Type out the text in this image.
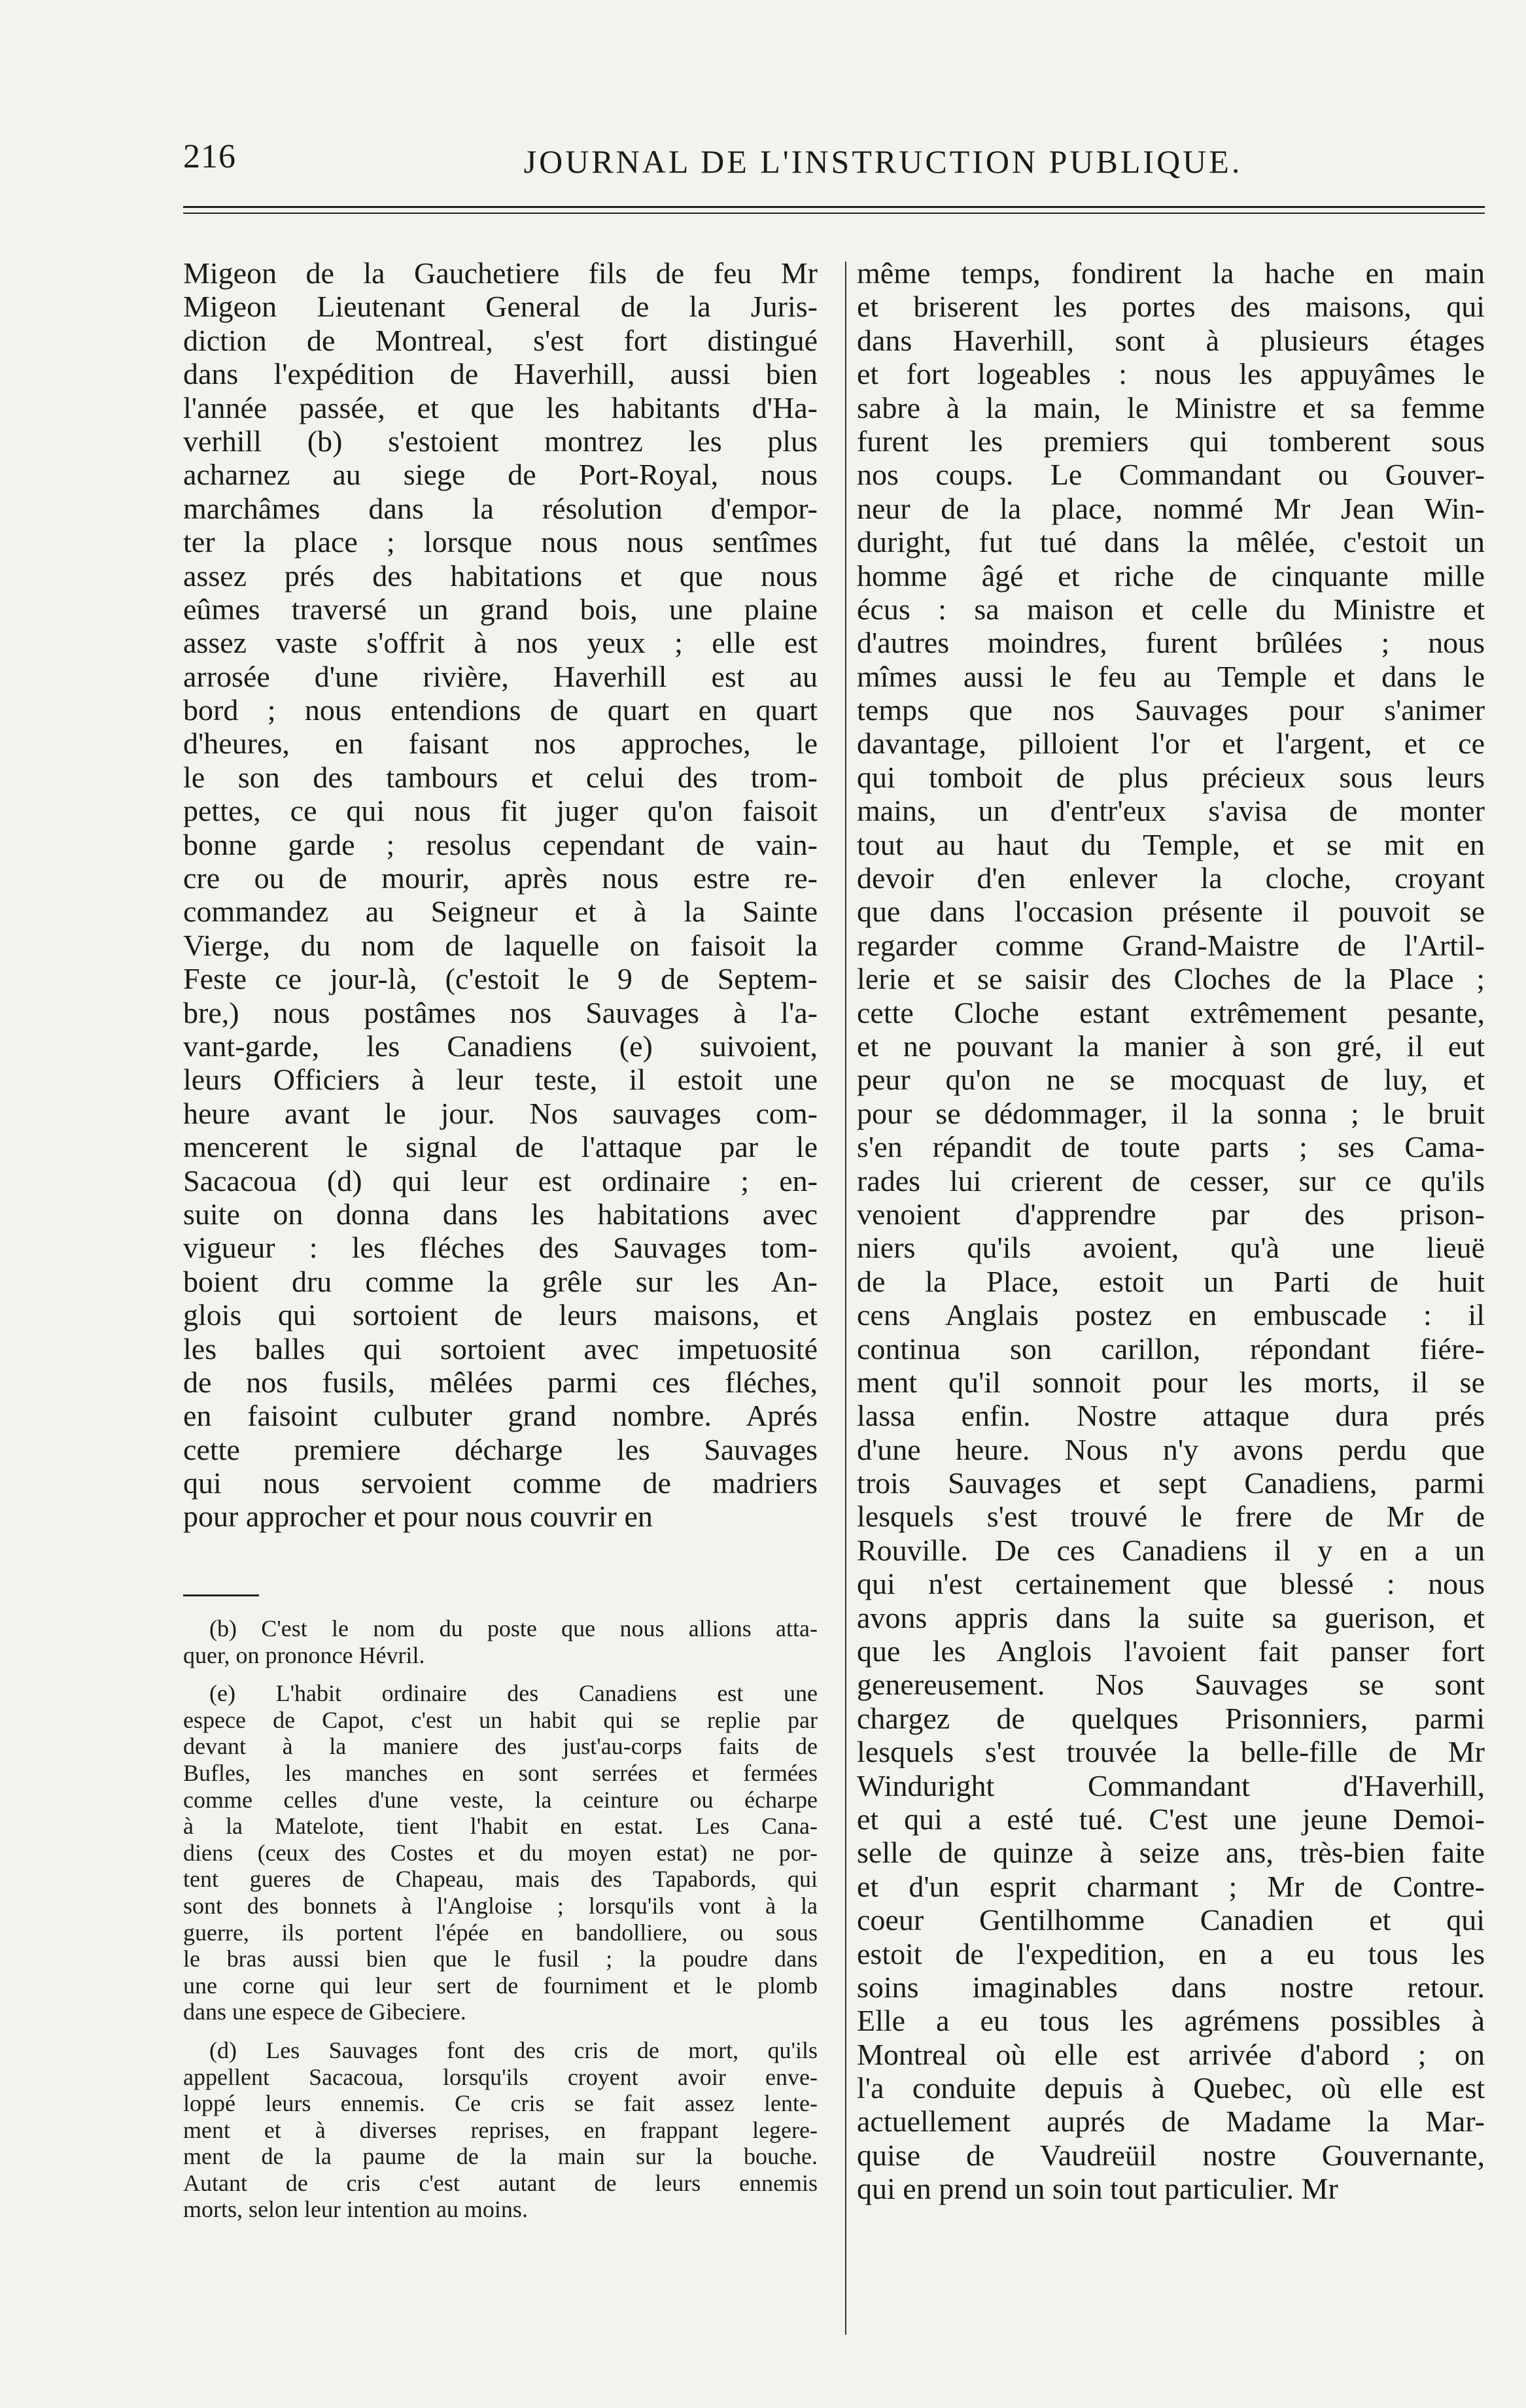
216	JOURNAL DE L'INSTRUCTION PUBLIQUE.
Migeon de la Gauchetiere fils de feu Mr
Migeon Lieutenant General de la Juris-
diction de Montreal, s'est fort distingué
dans l'expédition de Haverhill, aussi bien
l'année passée, et que les habitants d'Ha-
verhill (b) s'estoient montrez les plus
acharnez au siege de Port-Royal, nous
marchâmes dans la résolution d'empor-
ter la place ; lorsque nous nous sentîmes
assez prés des habitations et que nous
eûmes traversé un grand bois, une plaine
assez vaste s'offrit à nos yeux ; elle est
arrosée d'une rivière, Haverhill est au
bord ; nous entendions de quart en quart
d'heures, en faisant nos approches, le
le son des tambours et celui des trom-
pettes, ce qui nous fit juger qu'on faisoit
bonne garde ; resolus cependant de vain-
cre ou de mourir, après nous estre re-
commandez au Seigneur et à la Sainte
Vierge, du nom de laquelle on faisoit la
Feste ce jour-là, (c'estoit le 9 de Septem-
bre,) nous postâmes nos Sauvages à l'a-
vant-garde, les Canadiens (e) suivoient,
leurs Officiers à leur teste, il estoit une
heure avant le jour. Nos sauvages com-
mencerent le signal de l'attaque par le
Sacacoua (d) qui leur est ordinaire ; en-
suite on donna dans les habitations avec
vigueur : les fléches des Sauvages tom-
boient dru comme la grêle sur les An-
glois qui sortoient de leurs maisons, et
les balles qui sortoient avec impetuosité
de nos fusils, mêlées parmi ces fléches,
en faisoint culbuter grand nombre. Aprés
cette premiere décharge les Sauvages
qui nous servoient comme de madriers
pour approcher et pour nous couvrir en
même temps, fondirent la hache en main
et briserent les portes des maisons, qui
dans Haverhill, sont à plusieurs étages
et fort logeables : nous les appuyâmes le
sabre à la main, le Ministre et sa femme
furent les premiers qui tomberent sous
nos coups. Le Commandant ou Gouver-
neur de la place, nommé Mr Jean Win-
duright, fut tué dans la mêlée, c'estoit un
homme âgé et riche de cinquante mille
écus : sa maison et celle du Ministre et
d'autres moindres, furent brûlées ; nous
mîmes aussi le feu au Temple et dans le
temps que nos Sauvages pour s'animer
davantage, pilloient l'or et l'argent, et ce
qui tomboit de plus précieux sous leurs
mains, un d'entr'eux s'avisa de monter
tout au haut du Temple, et se mit en
devoir d'en enlever la cloche, croyant
que dans l'occasion présente il pouvoit se
regarder comme Grand-Maistre de l'Artil-
lerie et se saisir des Cloches de la Place ;
cette Cloche estant extrêmement pesante,
et ne pouvant la manier à son gré, il eut
peur qu'on ne se mocquast de luy, et
pour se dédommager, il la sonna ; le bruit
s'en répandit de toute parts ; ses Cama-
rades lui crierent de cesser, sur ce qu'ils
venoient d'apprendre par des prison-
niers qu'ils avoient, qu'à une lieuë
de la Place, estoit un Parti de huit
cens Anglais postez en embuscade : il
continua son carillon, répondant fiére-
ment qu'il sonnoit pour les morts, il se
lassa enfin. Nostre attaque dura prés
d'une heure. Nous n'y avons perdu que
trois Sauvages et sept Canadiens, parmi
lesquels s'est trouvé le frere de Mr de
Rouville. De ces Canadiens il y en a un
qui n'est certainement que blessé : nous
avons appris dans la suite sa guerison, et
que les Anglois l'avoient fait panser fort
genereusement. Nos Sauvages se sont
chargez de quelques Prisonniers, parmi
lesquels s'est trouvée la belle-fille de Mr
Winduright Commandant d'Haverhill,
et qui a esté tué. C'est une jeune Demoi-
selle de quinze à seize ans, très-bien faite
et d'un esprit charmant ; Mr de Contre-
coeur Gentilhomme Canadien et qui
estoit de l'expedition, en a eu tous les
soins imaginables dans nostre retour.
Elle a eu tous les agrémens possibles à
Montreal où elle est arrivée d'abord ; on
l'a conduite depuis à Quebec, où elle est
actuellement auprés de Madame la Mar-
quise de Vaudreüil nostre Gouvernante,
qui en prend un soin tout particulier. Mr
(b) C'est le nom du poste que nous allions atta-
quer, on prononce Hévril.
(e) L'habit ordinaire des Canadiens est une
espece de Capot, c'est un habit qui se replie par
devant à la maniere des just'au-corps faits de
Bufles, les manches en sont serrées et fermées
comme celles d'une veste, la ceinture ou écharpe
à la Matelote, tient l'habit en estat. Les Cana-
diens (ceux des Costes et du moyen estat) ne por-
tent gueres de Chapeau, mais des Tapabords, qui
sont des bonnets à l'Angloise ; lorsqu'ils vont à la
guerre, ils portent l'épée en bandolliere, ou sous
le bras aussi bien que le fusil ; la poudre dans
une corne qui leur sert de fourniment et le plomb
dans une espece de Gibeciere.
(d) Les Sauvages font des cris de mort, qu'ils
appellent Sacacoua, lorsqu'ils croyent avoir enve-
loppé leurs ennemis. Ce cris se fait assez lente-
ment et à diverses reprises, en frappant legere-
ment de la paume de la main sur la bouche.
Autant de cris c'est autant de leurs ennemis
morts, selon leur intention au moins.
